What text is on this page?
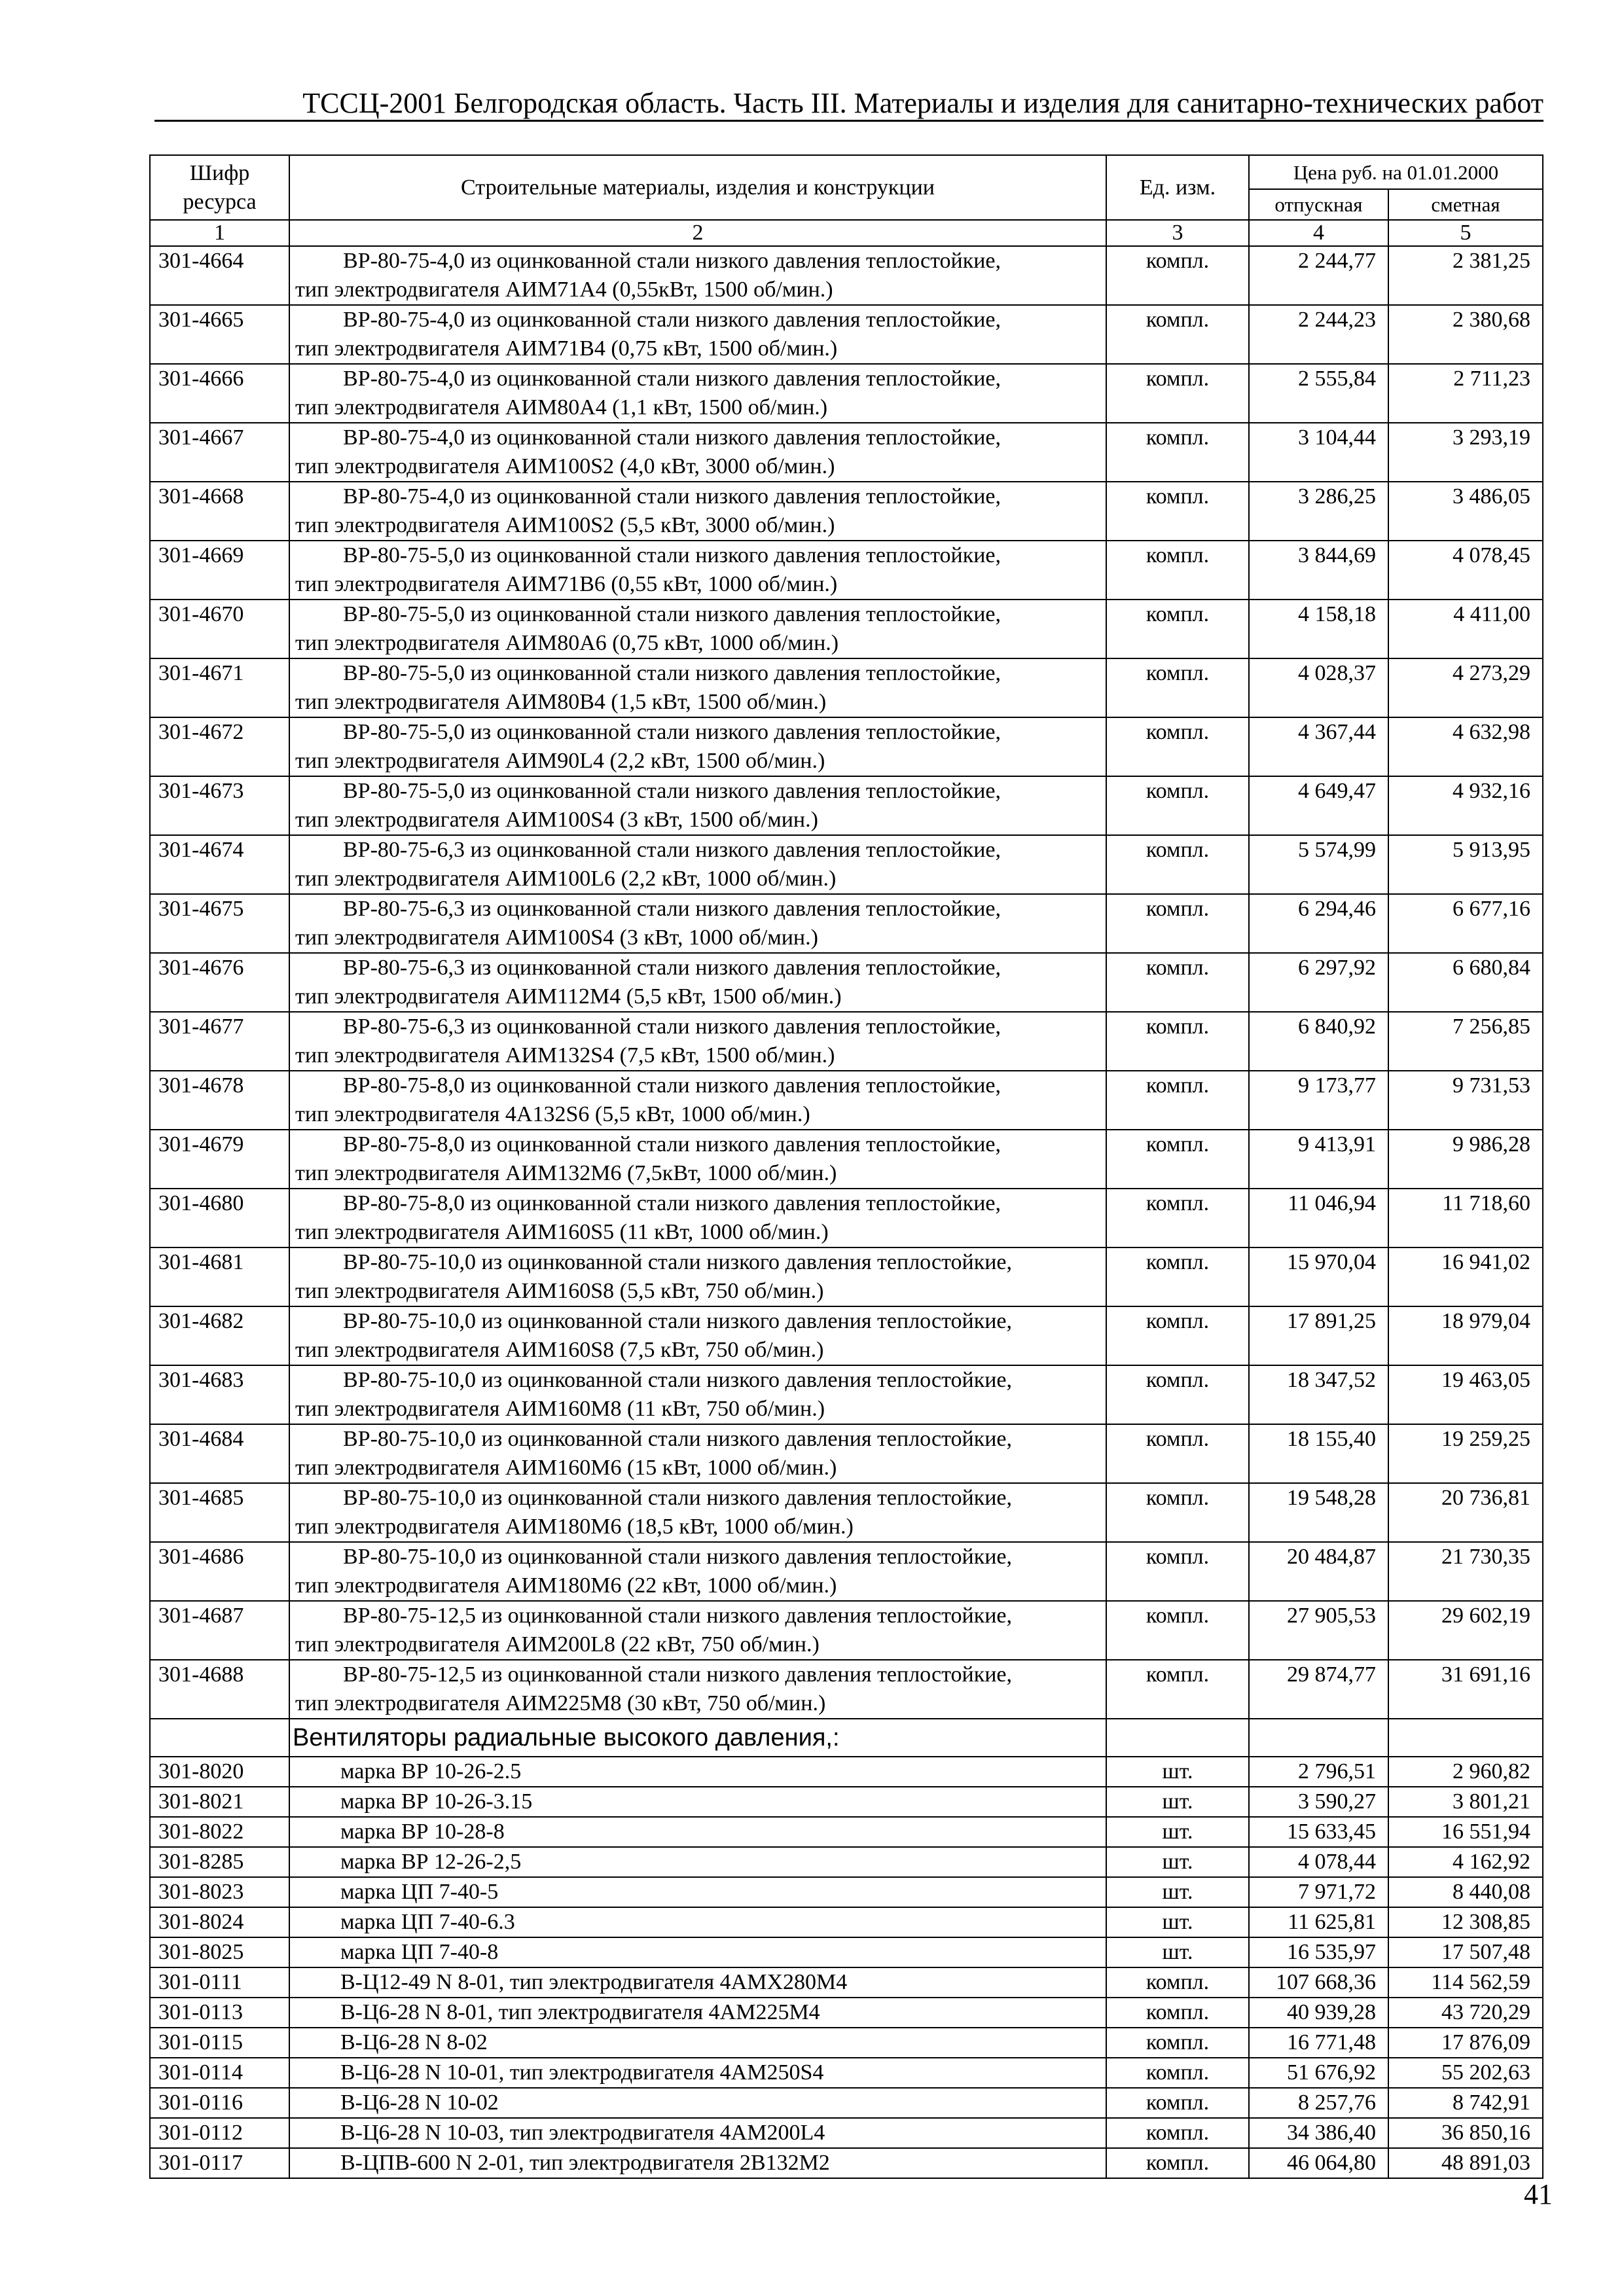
ТССЦ-2001 Белгородская область. Часть III. Материалы и изделия для санитарно-технических работ
Шифр ресурса	Строительные материалы, изделия и конструкции	Ед. изм.	Цена руб. на 01.01.2000	
			отпускная	сметная
1	2	3	4	5
301-4664	ВР-80-75-4,0 из оцинкованной стали низкого давления теплостойкие,
тип электродвигателя АИМ71А4 (0,55кВт, 1500 об/мин.)	компл.	2 244,77	2 381,25
301-4665	ВР-80-75-4,0 из оцинкованной стали низкого давления теплостойкие,
тип электродвигателя АИМ71В4 (0,75 кВт, 1500 об/мин.)	компл.	2 244,23	2 380,68
301-4666	ВР-80-75-4,0 из оцинкованной стали низкого давления теплостойкие,
тип электродвигателя АИМ80А4 (1,1 кВт, 1500 об/мин.)	компл.	2 555,84	2 711,23
301-4667	ВР-80-75-4,0 из оцинкованной стали низкого давления теплостойкие,
тип электродвигателя АИМ100S2 (4,0 кВт, 3000 об/мин.)	компл.	3 104,44	3 293,19
301-4668	ВР-80-75-4,0 из оцинкованной стали низкого давления теплостойкие,
тип электродвигателя АИМ100S2 (5,5 кВт, 3000 об/мин.)	компл.	3 286,25	3 486,05
301-4669	ВР-80-75-5,0 из оцинкованной стали низкого давления теплостойкие,
тип электродвигателя АИМ71В6 (0,55 кВт, 1000 об/мин.)	компл.	3 844,69	4 078,45
301-4670	ВР-80-75-5,0 из оцинкованной стали низкого давления теплостойкие,
тип электродвигателя АИМ80А6 (0,75 кВт, 1000 об/мин.)	компл.	4 158,18	4 411,00
301-4671	ВР-80-75-5,0 из оцинкованной стали низкого давления теплостойкие,
тип электродвигателя АИМ80В4 (1,5 кВт, 1500 об/мин.)	компл.	4 028,37	4 273,29
301-4672	ВР-80-75-5,0 из оцинкованной стали низкого давления теплостойкие,
тип электродвигателя АИМ90L4 (2,2 кВт, 1500 об/мин.)	компл.	4 367,44	4 632,98
301-4673	ВР-80-75-5,0 из оцинкованной стали низкого давления теплостойкие,
тип электродвигателя АИМ100S4 (3 кВт, 1500 об/мин.)	компл.	4 649,47	4 932,16
301-4674	ВР-80-75-6,3 из оцинкованной стали низкого давления теплостойкие,
тип электродвигателя АИМ100L6 (2,2 кВт, 1000 об/мин.)	компл.	5 574,99	5 913,95
301-4675	ВР-80-75-6,3 из оцинкованной стали низкого давления теплостойкие,
тип электродвигателя АИМ100S4 (3 кВт, 1000 об/мин.)	компл.	6 294,46	6 677,16
301-4676	ВР-80-75-6,3 из оцинкованной стали низкого давления теплостойкие,
тип электродвигателя АИМ112М4 (5,5 кВт, 1500 об/мин.)	компл.	6 297,92	6 680,84
301-4677	ВР-80-75-6,3 из оцинкованной стали низкого давления теплостойкие,
тип электродвигателя АИМ132S4 (7,5 кВт, 1500 об/мин.)	компл.	6 840,92	7 256,85
301-4678	ВР-80-75-8,0 из оцинкованной стали низкого давления теплостойкие,
тип электродвигателя 4А132S6 (5,5 кВт, 1000 об/мин.)	компл.	9 173,77	9 731,53
301-4679	ВР-80-75-8,0 из оцинкованной стали низкого давления теплостойкие,
тип электродвигателя АИМ132М6 (7,5кВт, 1000 об/мин.)	компл.	9 413,91	9 986,28
301-4680	ВР-80-75-8,0 из оцинкованной стали низкого давления теплостойкие,
тип электродвигателя АИМ160S5 (11 кВт, 1000 об/мин.)	компл.	11 046,94	11 718,60
301-4681	ВР-80-75-10,0 из оцинкованной стали низкого давления теплостойкие,
тип электродвигателя АИМ160S8 (5,5 кВт, 750 об/мин.)	компл.	15 970,04	16 941,02
301-4682	ВР-80-75-10,0 из оцинкованной стали низкого давления теплостойкие,
тип электродвигателя АИМ160S8 (7,5 кВт, 750 об/мин.)	компл.	17 891,25	18 979,04
301-4683	ВР-80-75-10,0 из оцинкованной стали низкого давления теплостойкие,
тип электродвигателя АИМ160М8 (11 кВт, 750 об/мин.)	компл.	18 347,52	19 463,05
301-4684	ВР-80-75-10,0 из оцинкованной стали низкого давления теплостойкие,
тип электродвигателя АИМ160М6 (15 кВт, 1000 об/мин.)	компл.	18 155,40	19 259,25
301-4685	ВР-80-75-10,0 из оцинкованной стали низкого давления теплостойкие,
тип электродвигателя АИМ180М6 (18,5 кВт, 1000 об/мин.)	компл.	19 548,28	20 736,81
301-4686	ВР-80-75-10,0 из оцинкованной стали низкого давления теплостойкие,
тип электродвигателя АИМ180М6 (22 кВт, 1000 об/мин.)	компл.	20 484,87	21 730,35
301-4687	ВР-80-75-12,5 из оцинкованной стали низкого давления теплостойкие,
тип электродвигателя АИМ200L8 (22 кВт, 750 об/мин.)	компл.	27 905,53	29 602,19
301-4688	ВР-80-75-12,5 из оцинкованной стали низкого давления теплостойкие,
тип электродвигателя АИМ225М8 (30 кВт, 750 об/мин.)	компл.	29 874,77	31 691,16
	Вентиляторы радиальные высокого давления,:			
301-8020	марка ВР 10-26-2.5	шт.	2 796,51	2 960,82
301-8021	марка ВР 10-26-3.15	шт.	3 590,27	3 801,21
301-8022	марка ВР 10-28-8	шт.	15 633,45	16 551,94
301-8285	марка ВР 12-26-2,5	шт.	4 078,44	4 162,92
301-8023	марка ЦП 7-40-5	шт.	7 971,72	8 440,08
301-8024	марка ЦП 7-40-6.3	шт.	11 625,81	12 308,85
301-8025	марка ЦП 7-40-8	шт.	16 535,97	17 507,48
301-0111	В-Ц12-49 N 8-01, тип электродвигателя 4АМХ280М4	компл.	107 668,36	114 562,59
301-0113	В-Ц6-28 N 8-01, тип электродвигателя 4АМ225М4	компл.	40 939,28	43 720,29
301-0115	В-Ц6-28 N 8-02	компл.	16 771,48	17 876,09
301-0114	В-Ц6-28 N 10-01, тип электродвигателя 4АМ250S4	компл.	51 676,92	55 202,63
301-0116	В-Ц6-28 N 10-02	компл.	8 257,76	8 742,91
301-0112	В-Ц6-28 N 10-03, тип электродвигателя 4АМ200L4	компл.	34 386,40	36 850,16
301-0117	В-ЦПВ-600 N 2-01, тип электродвигателя 2В132М2	компл.	46 064,80	48 891,03
41
